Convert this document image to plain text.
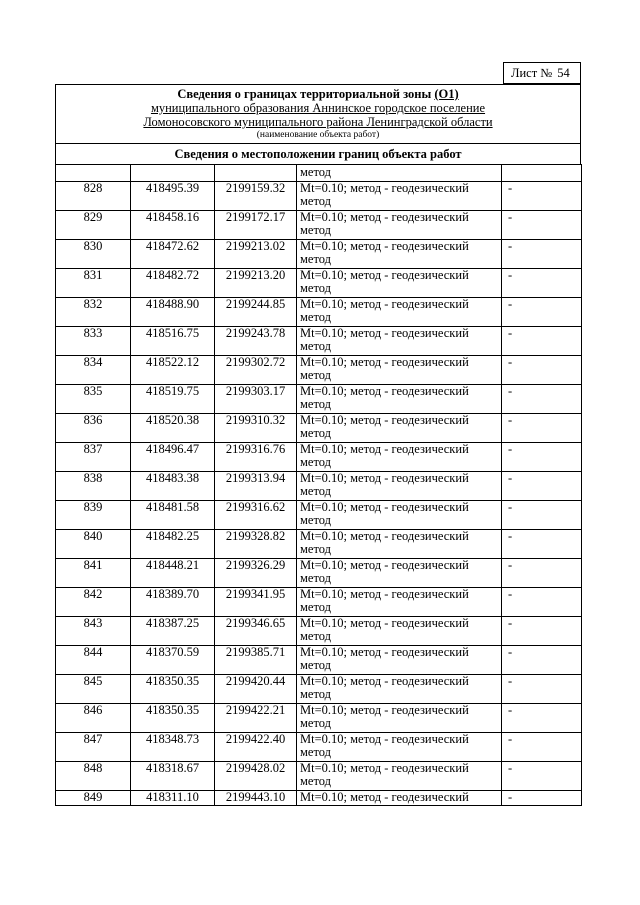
Лист № 54
Сведения о границах территориальной зоны (О1)
муниципального образования Аннинское городское поселение
Ломоносовского муниципального района Ленинградской области
(наименование объекта работ)
Сведения о местоположении границ объекта работ
			метод	
828	418495.39	2199159.32	Mt=0.10; метод - геодезический метод	-
829	418458.16	2199172.17	Mt=0.10; метод - геодезический метод	-
830	418472.62	2199213.02	Mt=0.10; метод - геодезический метод	-
831	418482.72	2199213.20	Mt=0.10; метод - геодезический метод	-
832	418488.90	2199244.85	Mt=0.10; метод - геодезический метод	-
833	418516.75	2199243.78	Mt=0.10; метод - геодезический метод	-
834	418522.12	2199302.72	Mt=0.10; метод - геодезический метод	-
835	418519.75	2199303.17	Mt=0.10; метод - геодезический метод	-
836	418520.38	2199310.32	Mt=0.10; метод - геодезический метод	-
837	418496.47	2199316.76	Mt=0.10; метод - геодезический метод	-
838	418483.38	2199313.94	Mt=0.10; метод - геодезический метод	-
839	418481.58	2199316.62	Mt=0.10; метод - геодезический метод	-
840	418482.25	2199328.82	Mt=0.10; метод - геодезический метод	-
841	418448.21	2199326.29	Mt=0.10; метод - геодезический метод	-
842	418389.70	2199341.95	Mt=0.10; метод - геодезический метод	-
843	418387.25	2199346.65	Mt=0.10; метод - геодезический метод	-
844	418370.59	2199385.71	Mt=0.10; метод - геодезический метод	-
845	418350.35	2199420.44	Mt=0.10; метод - геодезический метод	-
846	418350.35	2199422.21	Mt=0.10; метод - геодезический метод	-
847	418348.73	2199422.40	Mt=0.10; метод - геодезический метод	-
848	418318.67	2199428.02	Mt=0.10; метод - геодезический метод	-
849	418311.10	2199443.10	Mt=0.10; метод - геодезический	-
